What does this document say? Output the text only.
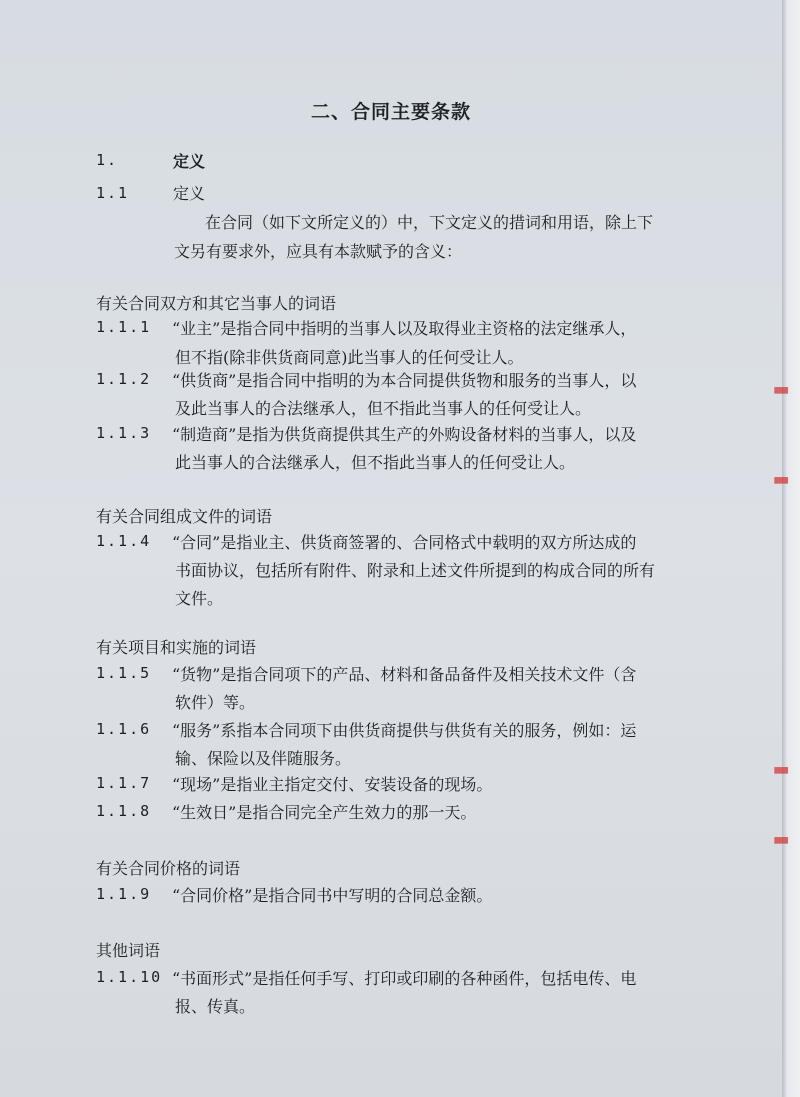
▮
▮
▮
▮
二、合同主要条款
1.	定义
1.1	定义
在合同（如下文所定义的）中，下文定义的措词和用语，除上下
文另有要求外，应具有本款赋予的含义：
有关合同双方和其它当事人的词语
1.1.1 “业主”是指合同中指明的当事人以及取得业主资格的法定继承人，
但不指(除非供货商同意)此当事人的任何受让人。
1.1.2 “供货商”是指合同中指明的为本合同提供货物和服务的当事人，以
及此当事人的合法继承人，但不指此当事人的任何受让人。
1.1.3 “制造商”是指为供货商提供其生产的外购设备材料的当事人，以及
此当事人的合法继承人，但不指此当事人的任何受让人。
有关合同组成文件的词语
1.1.4 “合同”是指业主、供货商签署的、合同格式中载明的双方所达成的
书面协议，包括所有附件、附录和上述文件所提到的构成合同的所有
文件。
有关项目和实施的词语
1.1.5 “货物”是指合同项下的产品、材料和备品备件及相关技术文件（含
软件）等。
1.1.6 “服务”系指本合同项下由供货商提供与供货有关的服务，例如：运
输、保险以及伴随服务。
1.1.7 “现场”是指业主指定交付、安装设备的现场。
1.1.8 “生效日”是指合同完全产生效力的那一天。
有关合同价格的词语
1.1.9 “合同价格”是指合同书中写明的合同总金额。
其他词语
1.1.10 “书面形式”是指任何手写、打印或印刷的各种函件，包括电传、电
报、传真。
